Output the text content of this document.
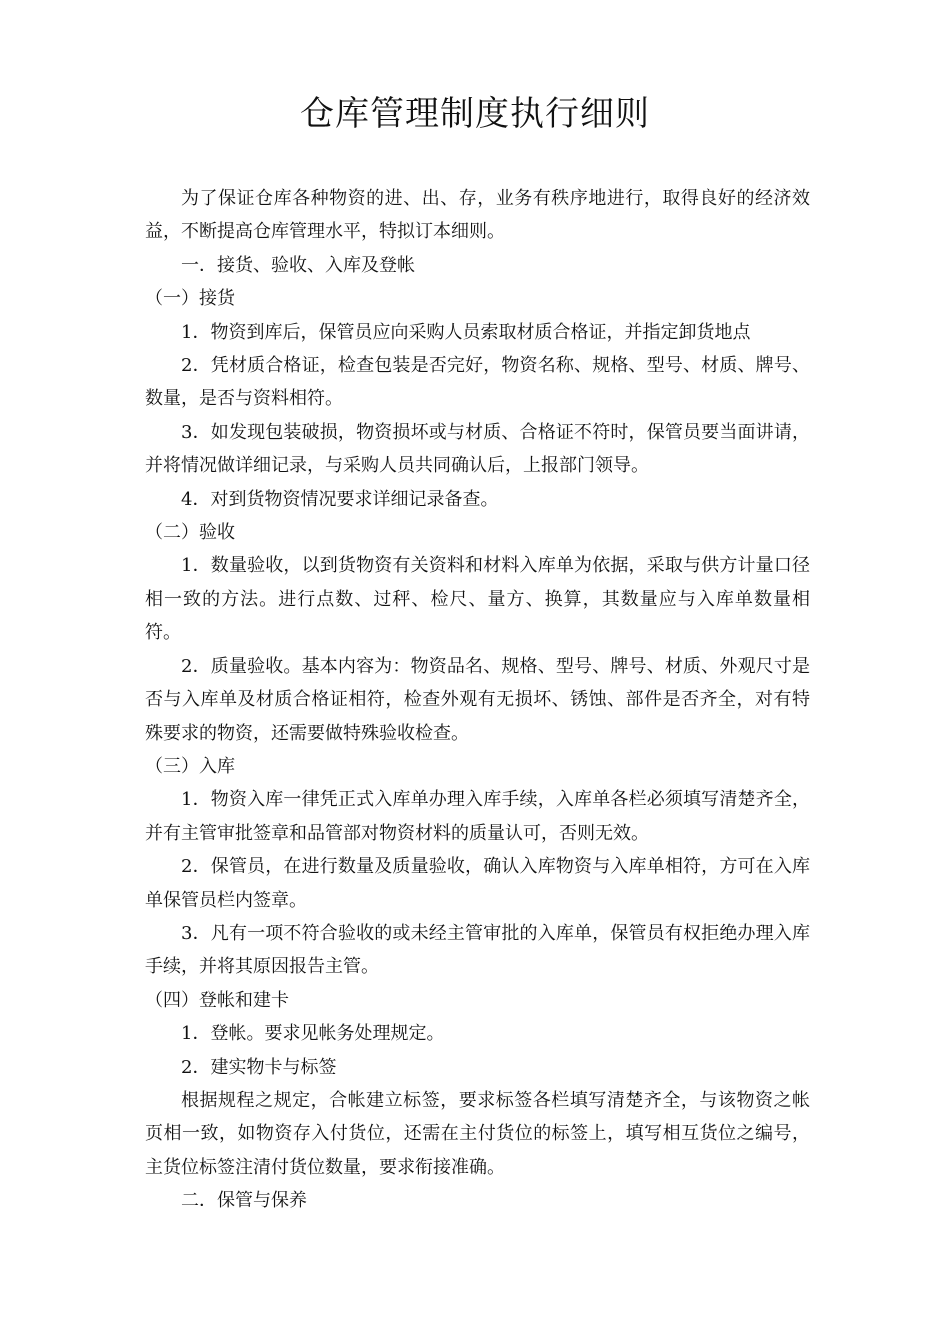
仓库管理制度执行细则

为了保证仓库各种物资的进、出、存，业务有秩序地进行，取得良好的经济效益，不断提高仓库管理水平，特拟订本细则。

一．接货、验收、入库及登帐

（一）接货

1．物资到库后，保管员应向采购人员索取材质合格证，并指定卸货地点

2．凭材质合格证，检查包装是否完好，物资名称、规格、型号、材质、牌号、数量，是否与资料相符。

3．如发现包装破损，物资损坏或与材质、合格证不符时，保管员要当面讲请，并将情况做详细记录，与采购人员共同确认后，上报部门领导。

4．对到货物资情况要求详细记录备查。

（二）验收

1．数量验收，以到货物资有关资料和材料入库单为依据，采取与供方计量口径相一致的方法。进行点数、过秤、检尺、量方、换算，其数量应与入库单数量相符。

2．质量验收。基本内容为：物资品名、规格、型号、牌号、材质、外观尺寸是否与入库单及材质合格证相符，检查外观有无损坏、锈蚀、部件是否齐全，对有特殊要求的物资，还需要做特殊验收检查。

（三）入库

1．物资入库一律凭正式入库单办理入库手续，入库单各栏必须填写清楚齐全，并有主管审批签章和品管部对物资材料的质量认可，否则无效。

2．保管员，在进行数量及质量验收，确认入库物资与入库单相符，方可在入库单保管员栏内签章。

3．凡有一项不符合验收的或未经主管审批的入库单，保管员有权拒绝办理入库手续，并将其原因报告主管。

（四）登帐和建卡

1．登帐。要求见帐务处理规定。

2．建实物卡与标签

根据规程之规定，合帐建立标签，要求标签各栏填写清楚齐全，与该物资之帐页相一致，如物资存入付货位，还需在主付货位的标签上，填写相互货位之编号，主货位标签注清付货位数量，要求衔接准确。

二．保管与保养
